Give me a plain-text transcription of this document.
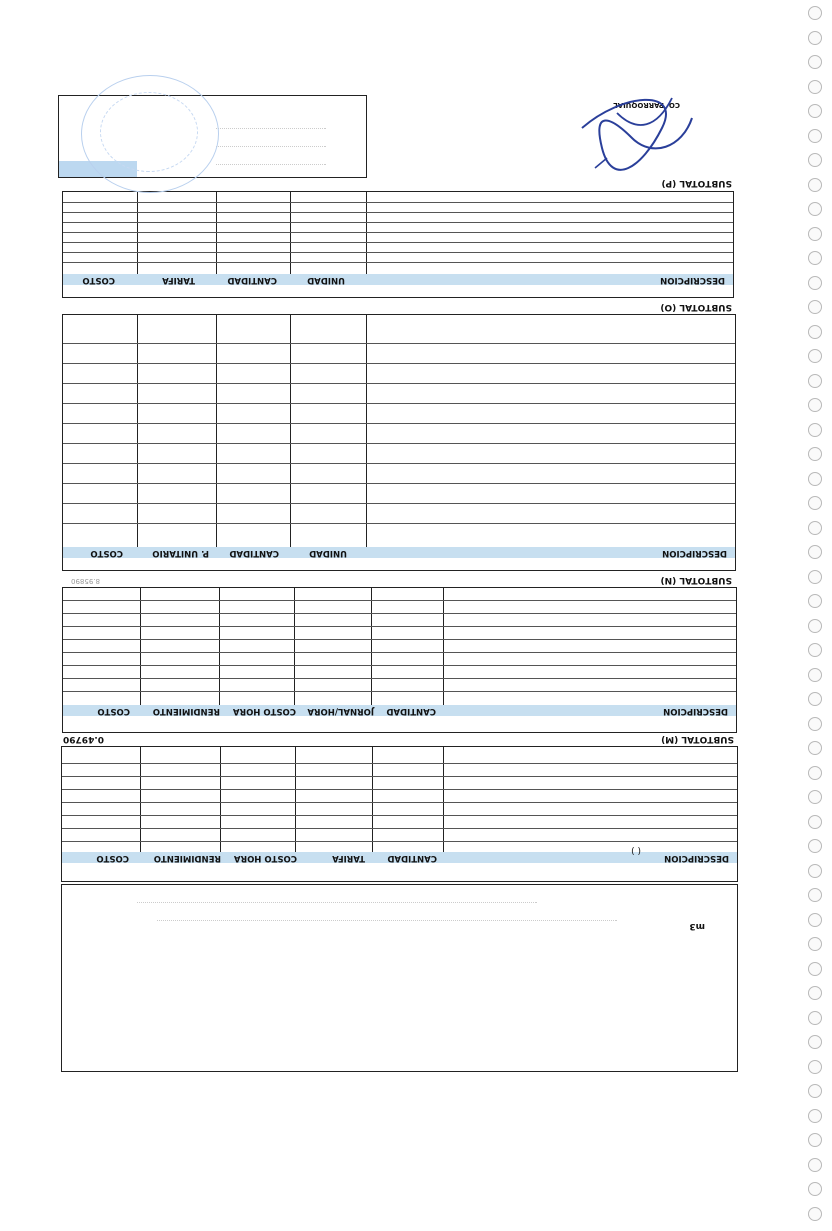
m3
DESCRIPCION
CANTIDAD
TARIFA
COSTO HORA
RENDIMIENTO
COSTO
( )
SUBTOTAL (M)
0.49790
DESCRIPCION
CANTIDAD
JORNAL/HORA
COSTO HORA
RENDIMIENTO
COSTO
SUBTOTAL (N)
8.95890
DESCRIPCION
UNIDAD
CANTIDAD
P. UNITARIO
COSTO
SUBTOTAL (O)
DESCRIPCION
UNIDAD
CANTIDAD
TARIFA
COSTO
SUBTOTAL (P)
PARROQUIAL CO
